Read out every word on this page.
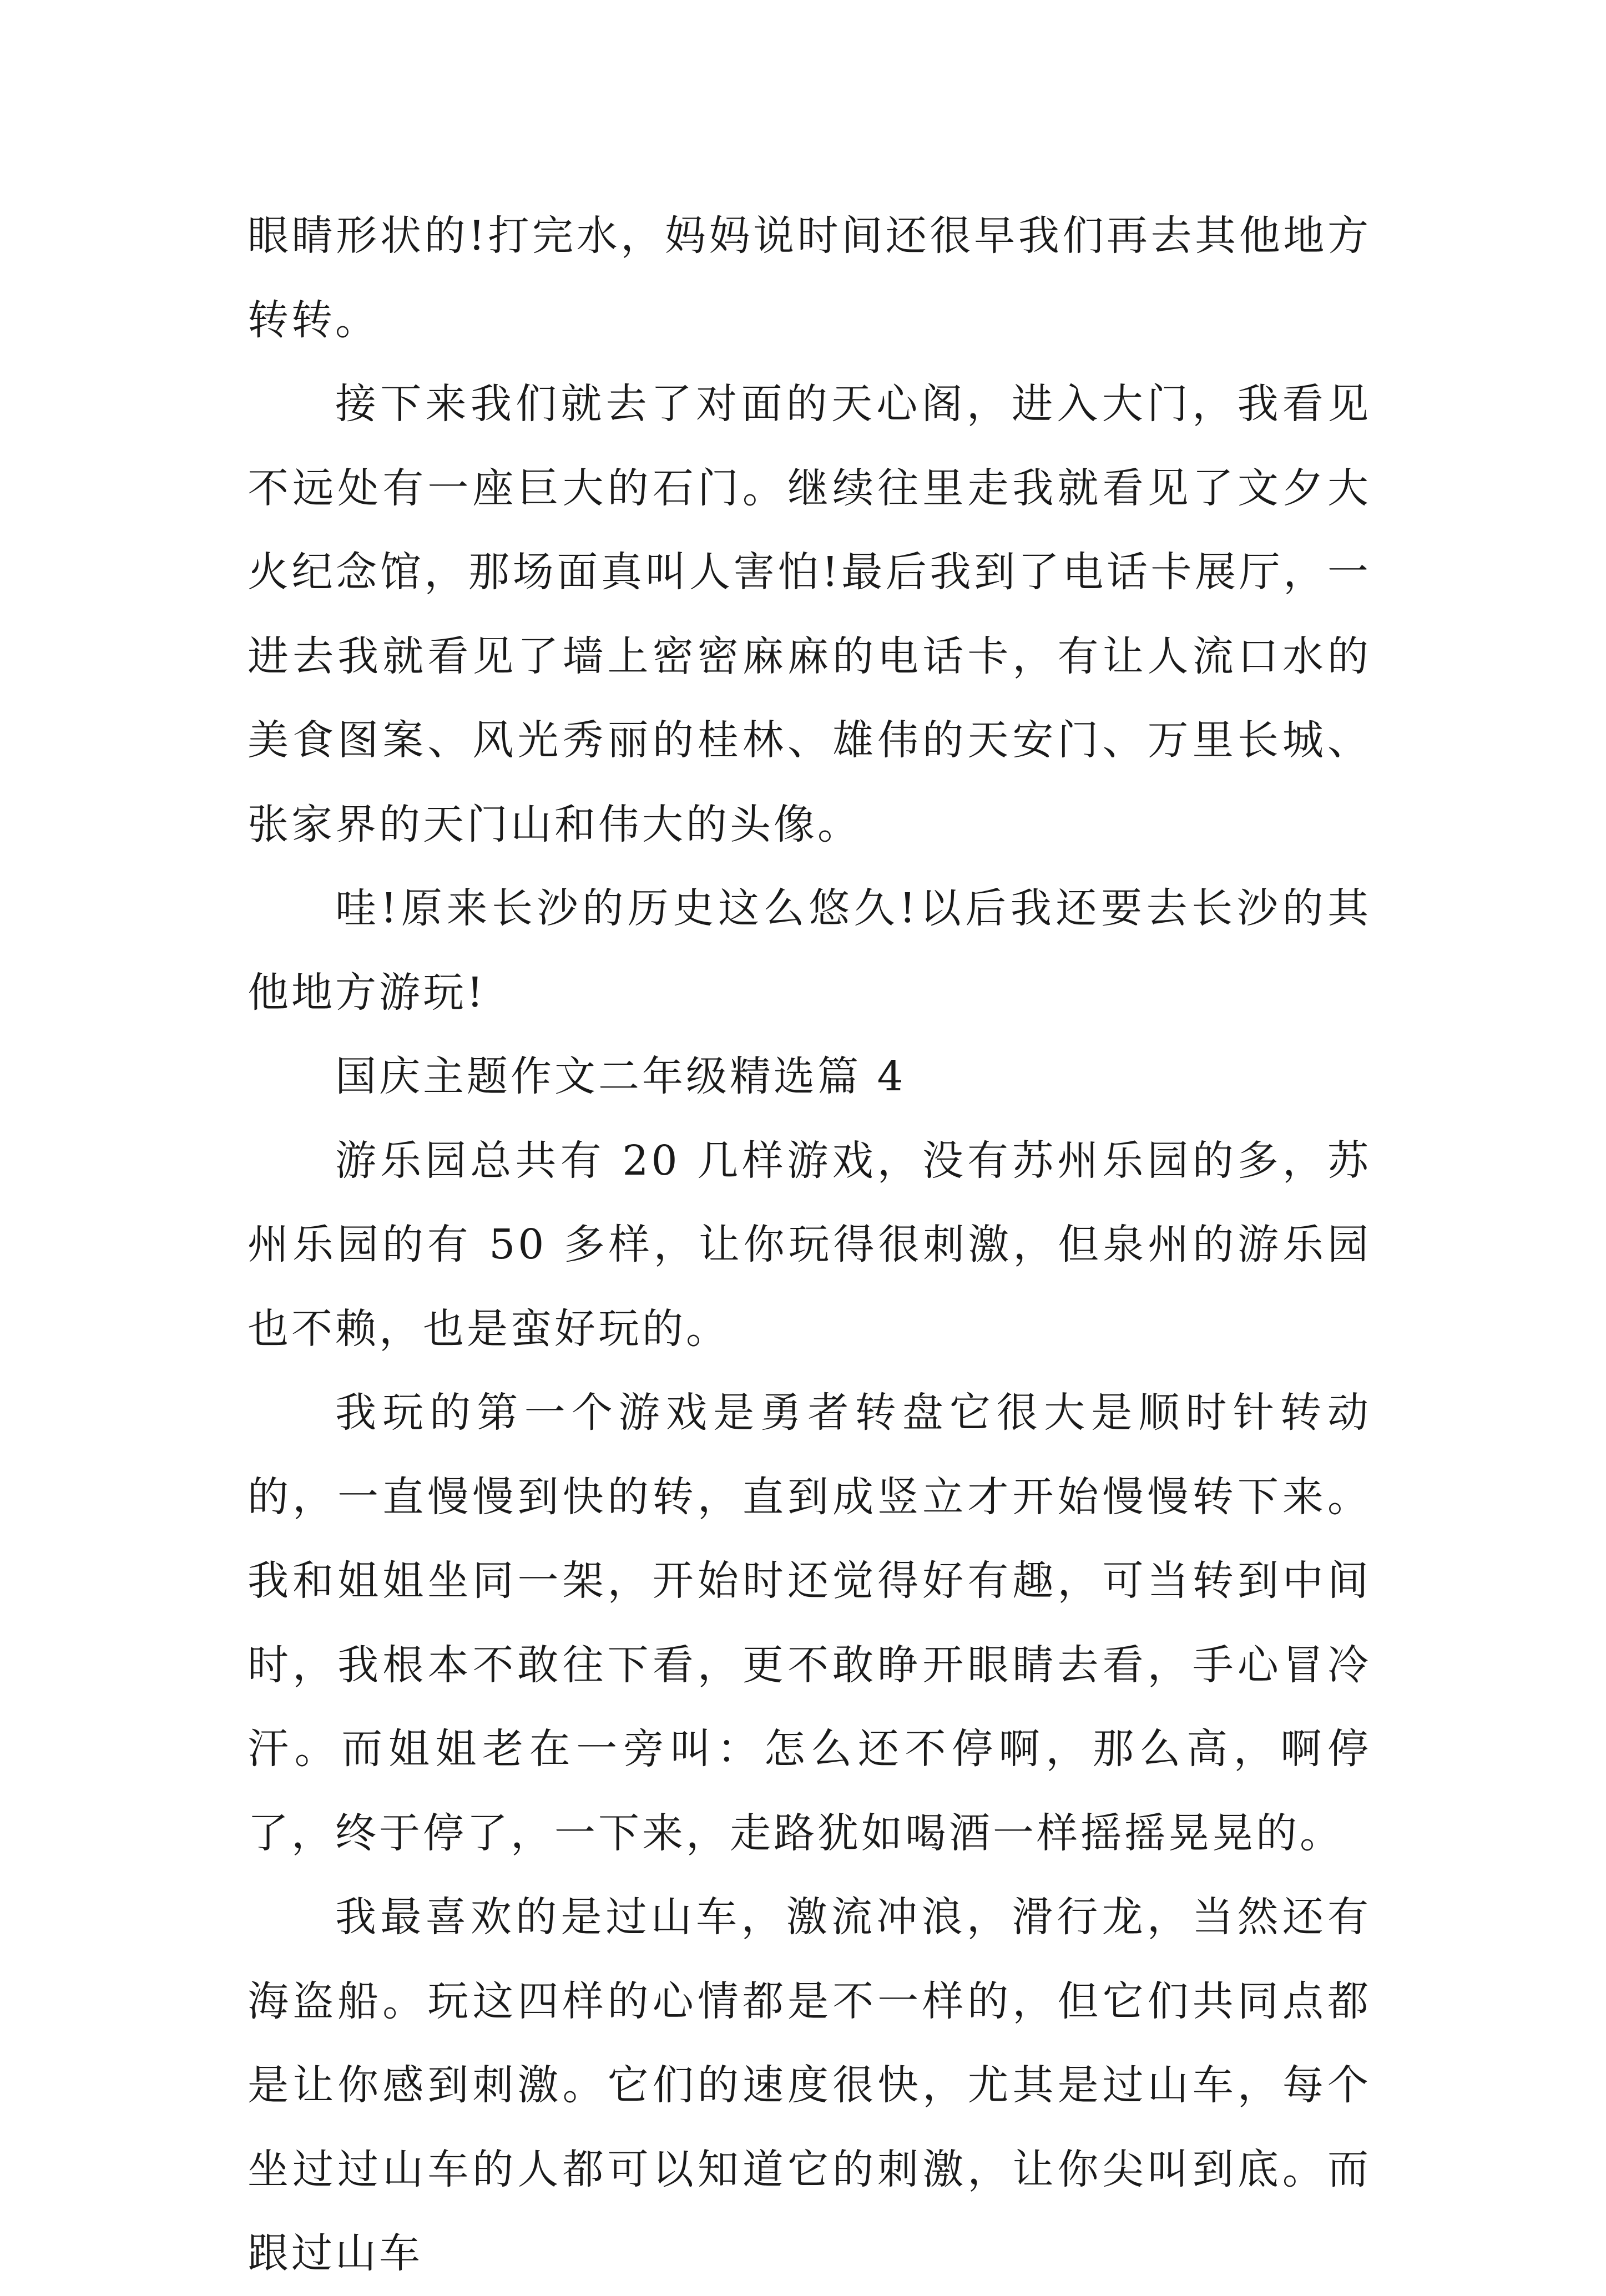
眼睛形状的!打完水，妈妈说时间还很早我们再去其他地方转转。

接下来我们就去了对面的天心阁，进入大门，我看见不远处有一座巨大的石门。继续往里走我就看见了文夕大火纪念馆，那场面真叫人害怕!最后我到了电话卡展厅，一进去我就看见了墙上密密麻麻的电话卡，有让人流口水的美食图案、风光秀丽的桂林、雄伟的天安门、万里长城、张家界的天门山和伟大的头像。

哇!原来长沙的历史这么悠久!以后我还要去长沙的其他地方游玩!

国庆主题作文二年级精选篇 4

游乐园总共有 20 几样游戏，没有苏州乐园的多，苏州乐园的有 50 多样，让你玩得很刺激，但泉州的游乐园也不赖，也是蛮好玩的。

我玩的第一个游戏是勇者转盘它很大是顺时针转动的，一直慢慢到快的转，直到成竖立才开始慢慢转下来。我和姐姐坐同一架，开始时还觉得好有趣，可当转到中间时，我根本不敢往下看，更不敢睁开眼睛去看，手心冒冷汗。而姐姐老在一旁叫：怎么还不停啊，那么高，啊停了，终于停了，一下来，走路犹如喝酒一样摇摇晃晃的。

我最喜欢的是过山车，激流冲浪，滑行龙，当然还有海盗船。玩这四样的心情都是不一样的，但它们共同点都是让你感到刺激。它们的速度很快，尤其是过山车，每个坐过过山车的人都可以知道它的刺激，让你尖叫到底。而跟过山车
